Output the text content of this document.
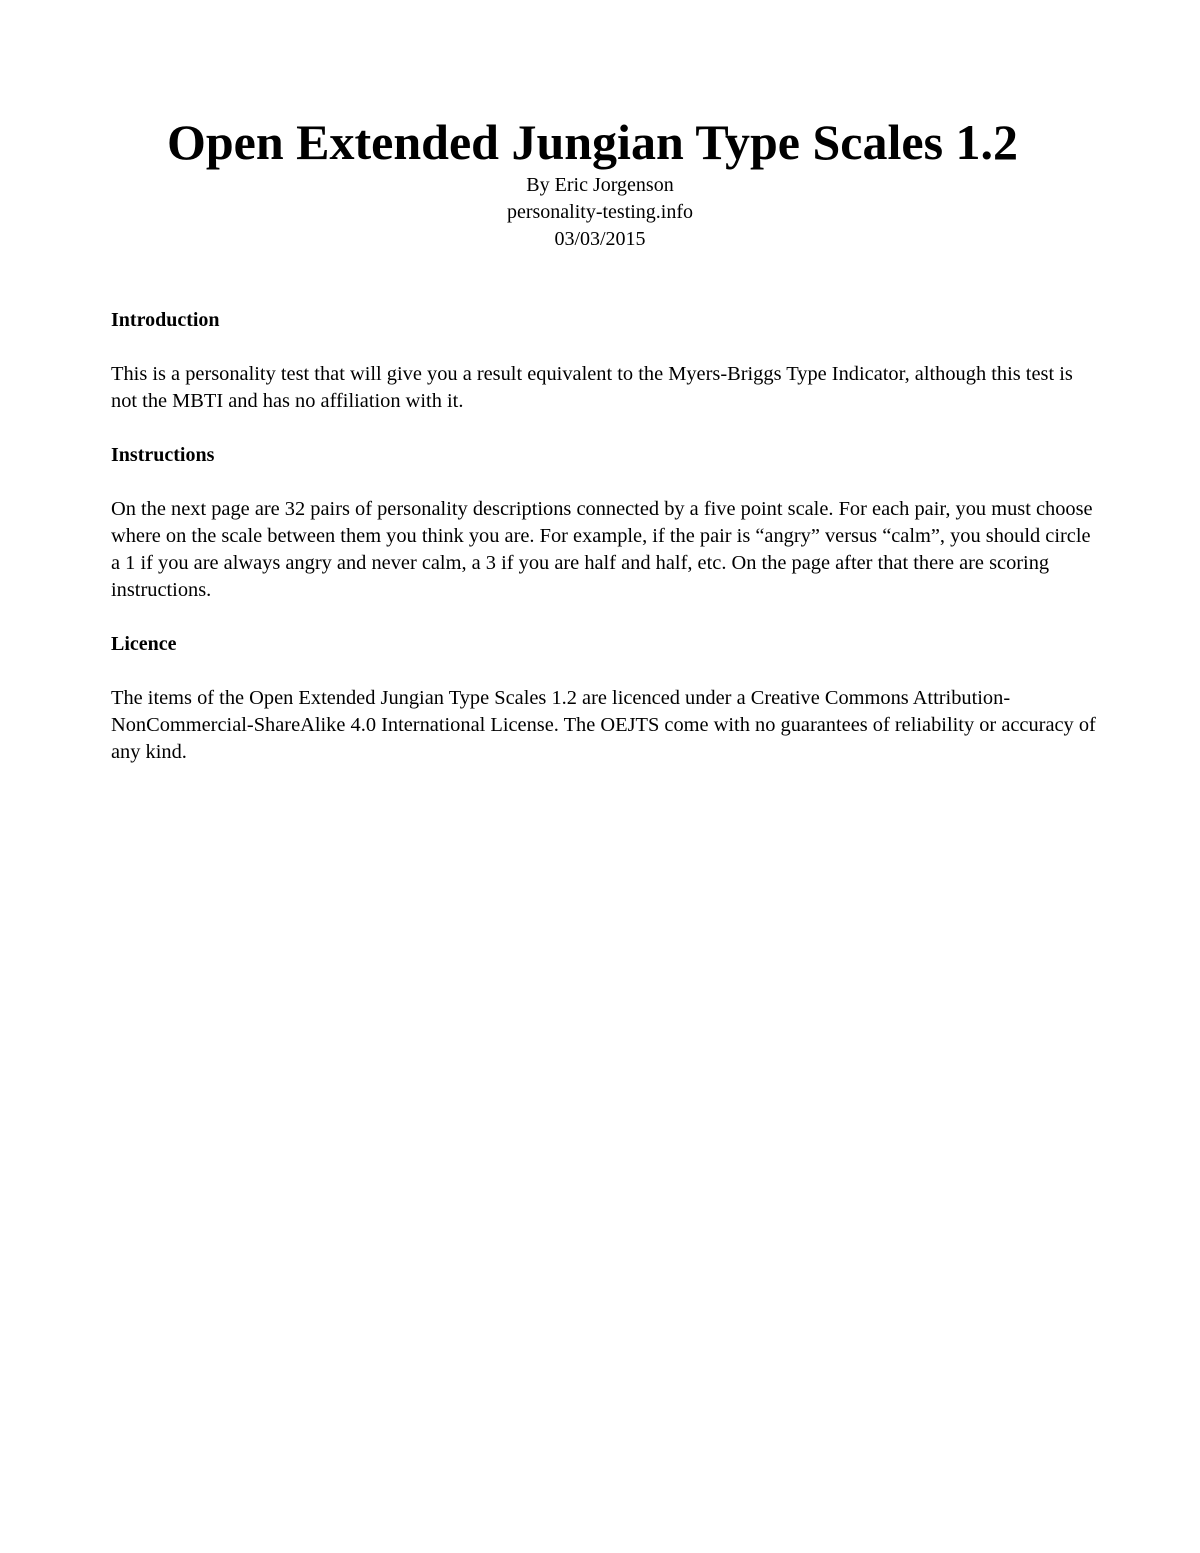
Open Extended Jungian Type Scales 1.2
By Eric Jorgenson
personality-testing.info
03/03/2015
Introduction

This is a personality test that will give you a result equivalent to the Myers-Briggs Type Indicator, although this test is not the MBTI and has no affiliation with it.

Instructions

On the next page are 32 pairs of personality descriptions connected by a five point scale. For each pair, you must choose where on the scale between them you think you are. For example, if the pair is “angry” versus “calm”, you should circle a 1 if you are always angry and never calm, a 3 if you are half and half, etc. On the page after that there are scoring instructions.

Licence

The items of the Open Extended Jungian Type Scales 1.2 are licenced under a Creative Commons Attribution-NonCommercial-ShareAlike 4.0 International License. The OEJTS come with no guarantees of reliability or accuracy of any kind.
